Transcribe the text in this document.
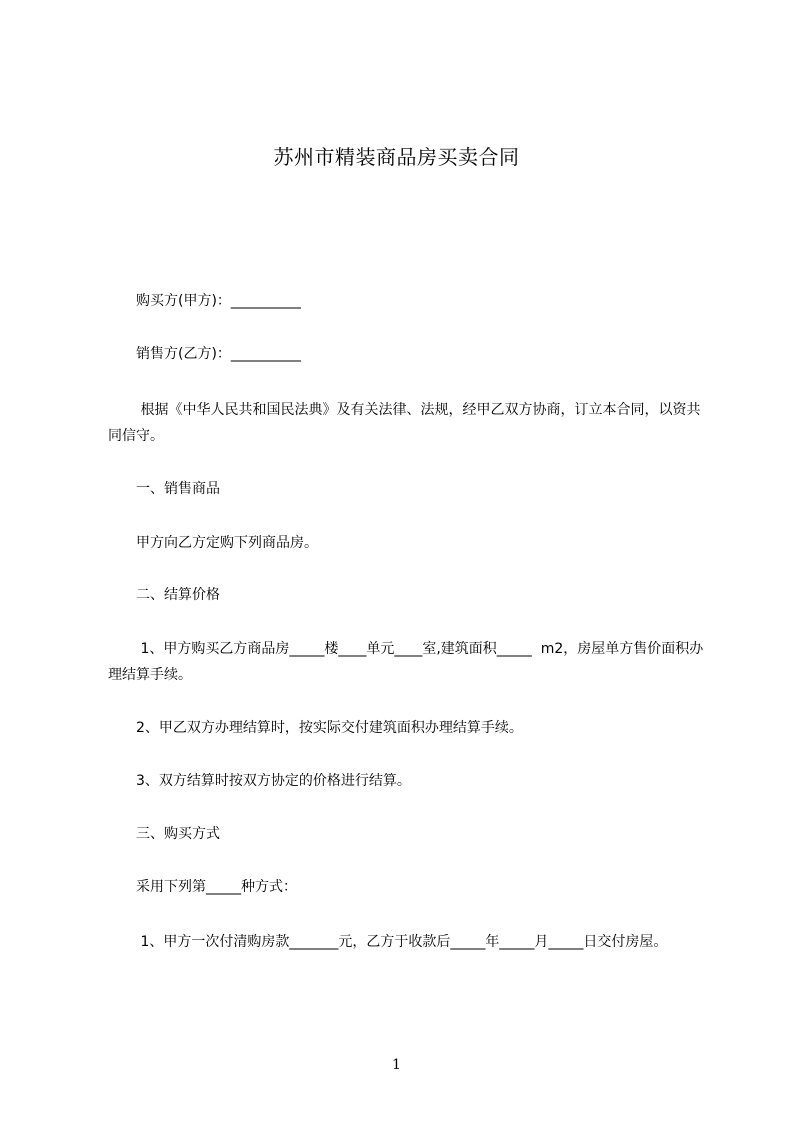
苏州市精装商品房买卖合同
购买方(甲方)：__________
销售方(乙方)：__________
根据《中华人民共和国民法典》及有关法律、法规，经甲乙双方协商，订立本合同，以资共同信守。
一、销售商品
甲方向乙方定购下列商品房。
二、结算价格
1、甲方购买乙方商品房_____楼____单元____室,建筑面积_____  m2，房屋单方售价面积办理结算手续。
2、甲乙双方办理结算时，按实际交付建筑面积办理结算手续。
3、双方结算时按双方协定的价格进行结算。
三、购买方式
采用下列第_____种方式：
1、甲方一次付清购房款_______元，乙方于收款后_____年_____月_____日交付房屋。
1
